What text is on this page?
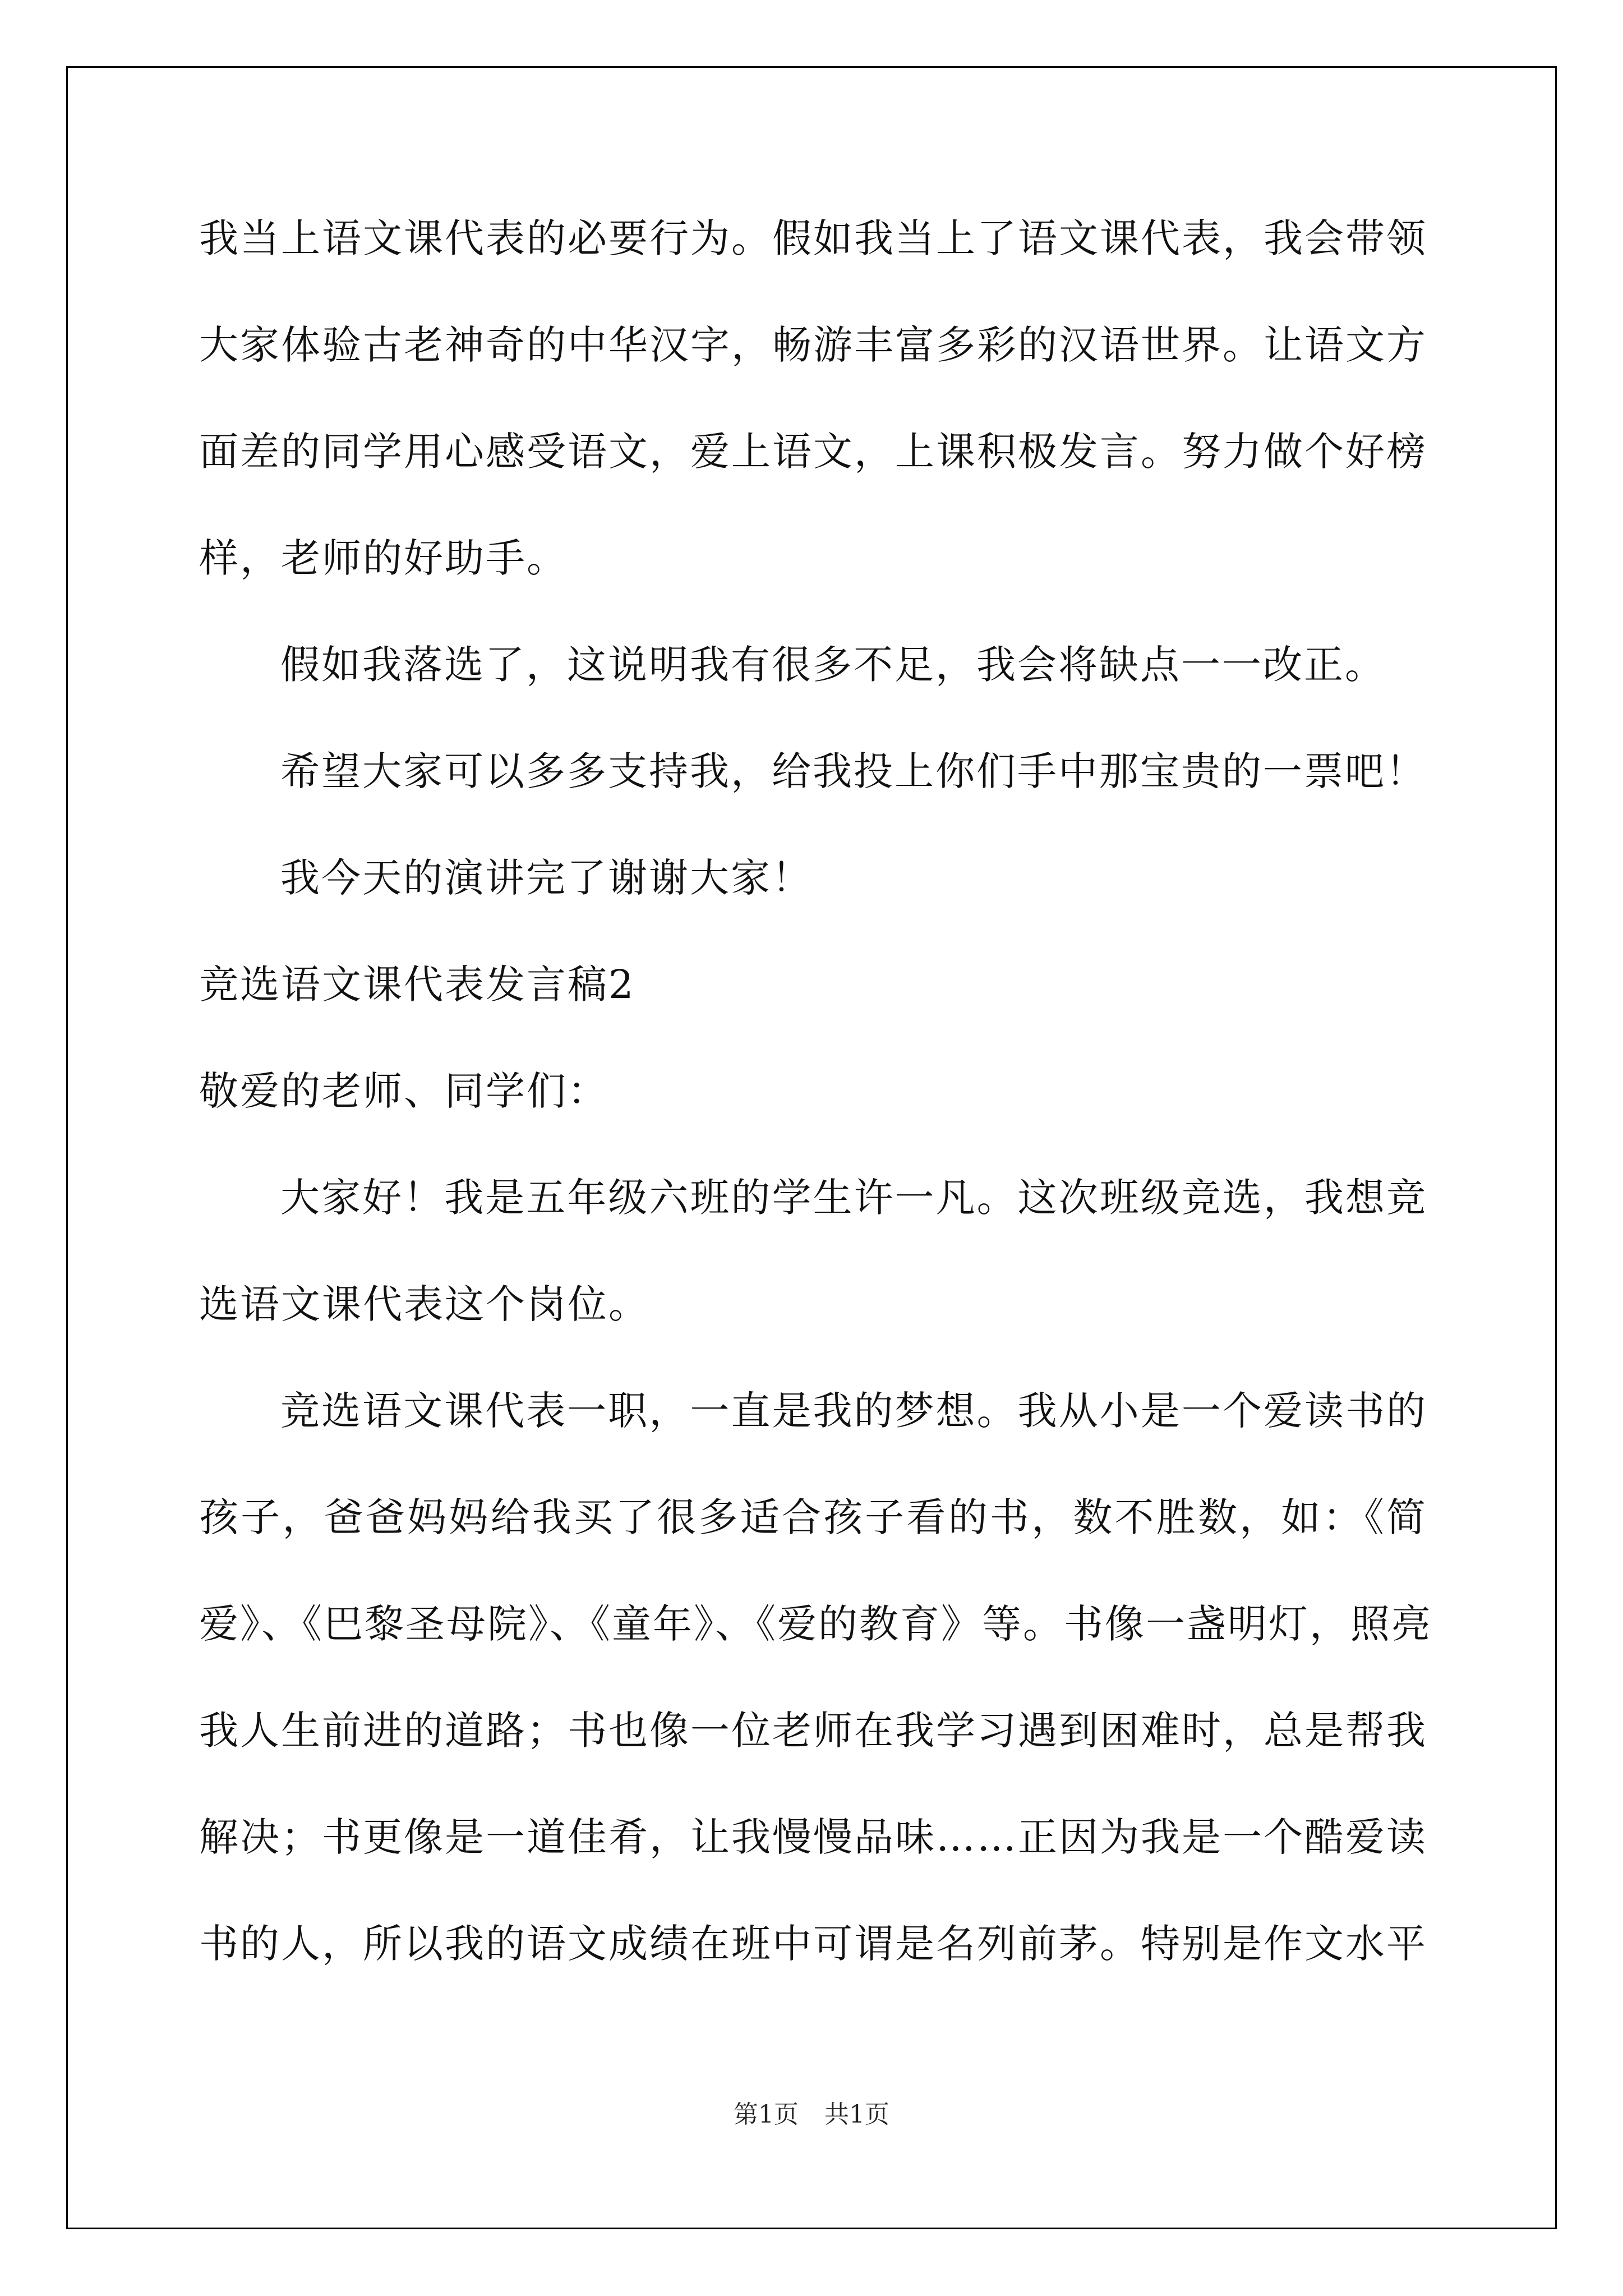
我当上语文课代表的必要行为。假如我当上了语文课代表，我会带领
大家体验古老神奇的中华汉字，畅游丰富多彩的汉语世界。让语文方
面差的同学用心感受语文，爱上语文，上课积极发言。努力做个好榜
样，老师的好助手。
假如我落选了，这说明我有很多不足，我会将缺点一一改正。
希望大家可以多多支持我，给我投上你们手中那宝贵的一票吧！
我今天的演讲完了谢谢大家！
竞选语文课代表发言稿2
敬爱的老师、同学们：
大家好！我是五年级六班的学生许一凡。这次班级竞选，我想竞
选语文课代表这个岗位。
竞选语文课代表一职，一直是我的梦想。我从小是一个爱读书的
孩子，爸爸妈妈给我买了很多适合孩子看的书，数不胜数，如：《简
爱》、《巴黎圣母院》、《童年》、《爱的教育》等。书像一盏明灯，照亮
我人生前进的道路；书也像一位老师在我学习遇到困难时，总是帮我
解决；书更像是一道佳肴，让我慢慢品味……正因为我是一个酷爱读
书的人，所以我的语文成绩在班中可谓是名列前茅。特别是作文水平
第1页 共1页
